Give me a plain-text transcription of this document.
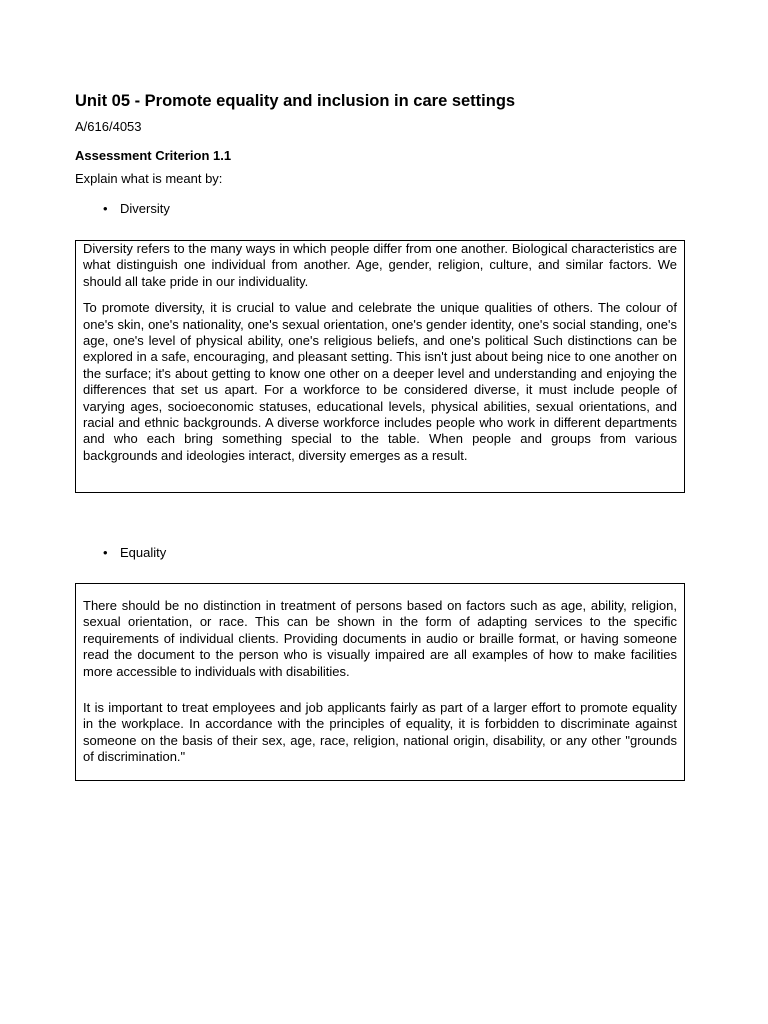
Unit 05 - Promote equality and inclusion in care settings
A/616/4053
Assessment Criterion 1.1
Explain what is meant by:
• Diversity

Diversity refers to the many ways in which people differ from one another. Biological characteristics are what distinguish one individual from another. Age, gender, religion, culture, and similar factors. We should all take pride in our individuality.

To promote diversity, it is crucial to value and celebrate the unique qualities of others. The colour of one's skin, one's nationality, one's sexual orientation, one's gender identity, one's social standing, one's age, one's level of physical ability, one's religious beliefs, and one's political Such distinctions can be explored in a safe, encouraging, and pleasant setting. This isn't just about being nice to one another on the surface; it's about getting to know one other on a deeper level and understanding and enjoying the differences that set us apart. For a workforce to be considered diverse, it must include people of varying ages, socioeconomic statuses, educational levels, physical abilities, sexual orientations, and racial and ethnic backgrounds. A diverse workforce includes people who work in different departments and who each bring something special to the table. When people and groups from various backgrounds and ideologies interact, diversity emerges as a result.

• Equality

There should be no distinction in treatment of persons based on factors such as age, ability, religion, sexual orientation, or race. This can be shown in the form of adapting services to the specific requirements of individual clients. Providing documents in audio or braille format, or having someone read the document to the person who is visually impaired are all examples of how to make facilities more accessible to individuals with disabilities.

It is important to treat employees and job applicants fairly as part of a larger effort to promote equality in the workplace. In accordance with the principles of equality, it is forbidden to discriminate against someone on the basis of their sex, age, race, religion, national origin, disability, or any other "grounds of discrimination."
